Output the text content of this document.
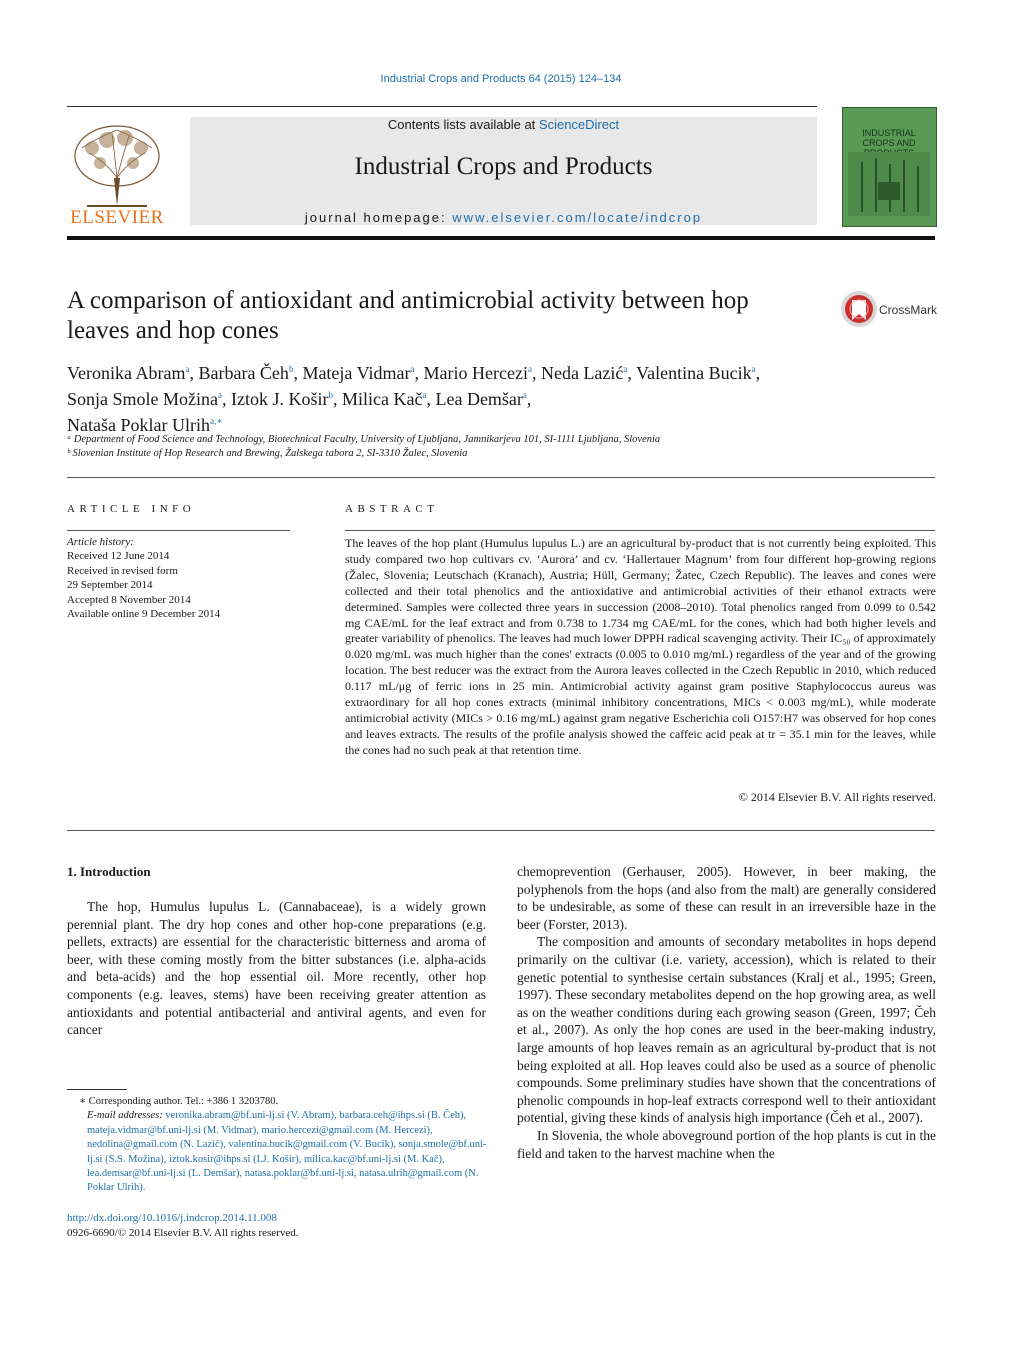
Industrial Crops and Products 64 (2015) 124–134
ELSEVIER
Contents lists available at ScienceDirect
Industrial Crops and Products
journal homepage: www.elsevier.com/locate/indcrop
INDUSTRIAL CROPS AND
A comparison of antioxidant and antimicrobial activity between hop leaves and hop cones
CrossMark
Veronika Abram$^a$, Barbara Čeh$^b$, Mateja Vidmar$^a$, Mario Hercezi$^a$, Neda Lazić$^a$, Valentina Bucik$^a$,
Sonja Smole Možina$^a$, Iztok J. Košir$^b$, Milica Kač$^a$, Lea Demšar$^a$,
Nataša Poklar Ulrih$^{a,∗}$
ᵃ Department of Food Science and Technology, Biotechnical Faculty, University of Ljubljana, Jamnikarjeva 101, SI-1111 Ljubljana, Slovenia
ᵇ Slovenian Institute of Hop Research and Brewing, Žalskega tabora 2, SI-3310 Žalec, Slovenia
ARTICLE INFO
Article history:
Received 12 June 2014
Received in revised form
29 September 2014
Accepted 8 November 2014
Available online 9 December 2014
ABSTRACT
The leaves of the hop plant (Humulus lupulus L.) are an agricultural by-product that is not currently being exploited. This study compared two hop cultivars cv. ‘Aurora’ and cv. ‘Hallertauer Magnum’ from four different hop-growing regions (Žalec, Slovenia; Leutschach (Kranach), Austria; Hüll, Germany; Žatec, Czech Republic). The leaves and cones were collected and their total phenolics and the antioxidative and antimicrobial activities of their ethanol extracts were determined. Samples were collected three years in succession (2008–2010). Total phenolics ranged from 0.099 to 0.542 mg CAE/mL for the leaf extract and from 0.738 to 1.734 mg CAE/mL for the cones, which had both higher levels and greater variability of phenolics. The leaves had much lower DPPH radical scavenging activity. Their IC₅₀ of approximately 0.020 mg/mL was much higher than the cones' extracts (0.005 to 0.010 mg/mL) regardless of the year and of the growing location. The best reducer was the extract from the Aurora leaves collected in the Czech Republic in 2010, which reduced 0.117 mL/μg of ferric ions in 25 min. Antimicrobial activity against gram positive Staphylococcus aureus was extraordinary for all hop cones extracts (minimal inhibitory concentrations, MICs < 0.003 mg/mL), while moderate antimicrobial activity (MICs > 0.16 mg/mL) against gram negative Escherichia coli O157:H7 was observed for hop cones and leaves extracts. The results of the profile analysis showed the caffeic acid peak at tr = 35.1 min for the leaves, while the cones had no such peak at that retention time.
© 2014 Elsevier B.V. All rights reserved.
1. Introduction

The hop, Humulus lupulus L. (Cannabaceae), is a widely grown perennial plant. The dry hop cones and other hop-cone preparations (e.g. pellets, extracts) are essential for the characteristic bitterness and aroma of beer, with these coming mostly from the bitter substances (i.e. alpha-acids and beta-acids) and the hop essential oil. More recently, other hop components (e.g. leaves, stems) have been receiving greater attention as antioxidants and potential antibacterial and antiviral agents, and even for cancer

chemoprevention (Gerhauser, 2005). However, in beer making, the polyphenols from the hops (and also from the malt) are generally considered to be undesirable, as some of these can result in an irreversible haze in the beer (Forster, 2013).

The composition and amounts of secondary metabolites in hops depend primarily on the cultivar (i.e. variety, accession), which is related to their genetic potential to synthesise certain substances (Kralj et al., 1995; Green, 1997). These secondary metabolites depend on the hop growing area, as well as on the weather conditions during each growing season (Green, 1997; Čeh et al., 2007). As only the hop cones are used in the beer-making industry, large amounts of hop leaves remain as an agricultural by-product that is not being exploited at all. Hop leaves could also be used as a source of phenolic compounds. Some preliminary studies have shown that the concentrations of phenolic compounds in hop-leaf extracts correspond well to their antioxidant potential, giving these kinds of analysis high importance (Čeh et al., 2007).

In Slovenia, the whole aboveground portion of the hop plants is cut in the field and taken to the harvest machine when the

∗ Corresponding author. Tel.: +386 1 3203780.
E-mail addresses: veronika.abram@bf.uni-lj.si (V. Abram), barbara.ceh@ihps.si (B. Čeh), mateja.vidmar@bf.uni-lj.si (M. Vidmar), mario.hercezi@gmail.com (M. Hercezi), nedolina@gmail.com (N. Lazić), valentina.bucik@gmail.com (V. Bucik), sonja.smole@bf.uni-lj.si (S.S. Možina), iztok.kosir@ihps.si (I.J. Košir), milica.kac@bf.uni-lj.si (M. Kač), lea.demsar@bf.uni-lj.si (L. Demšar), natasa.poklar@bf.uni-lj.si, natasa.ulrih@gmail.com (N. Poklar Ulrih).
http://dx.doi.org/10.1016/j.indcrop.2014.11.008
0926-6690/© 2014 Elsevier B.V. All rights reserved.
